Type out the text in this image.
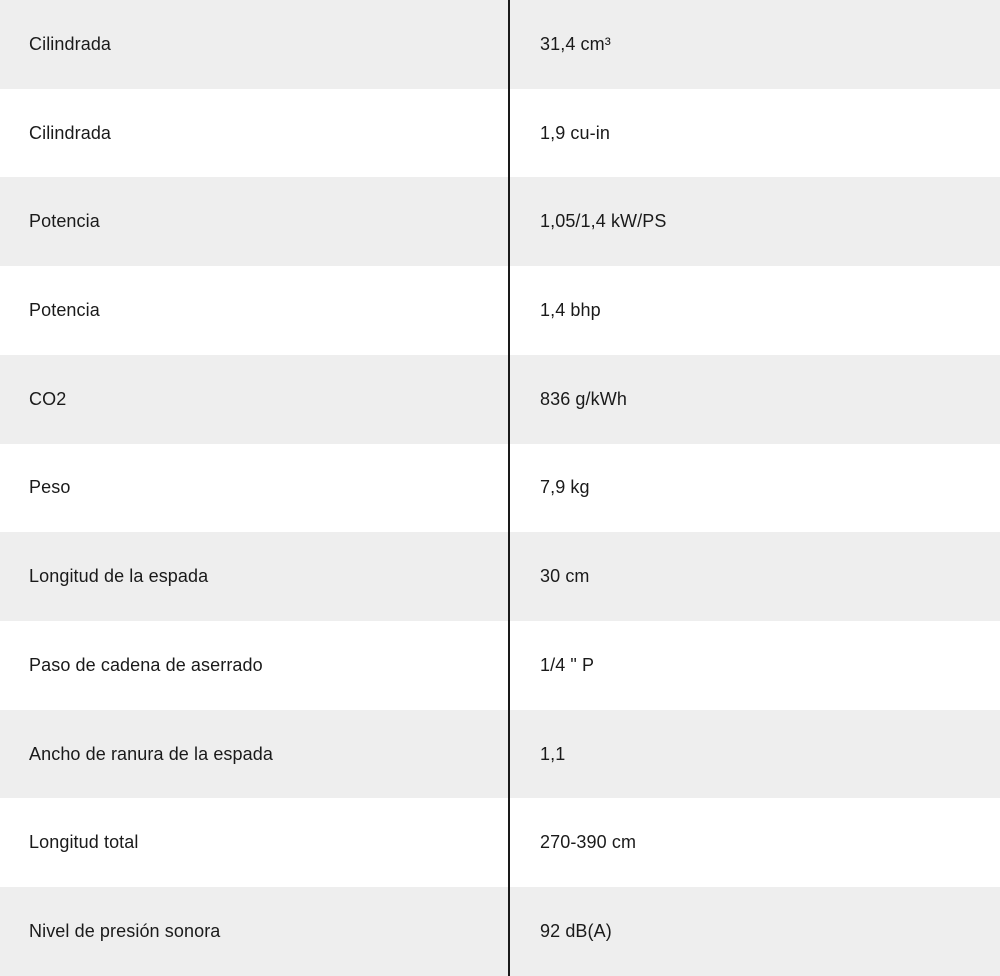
Cilindrada	31,4 cm³
Cilindrada	1,9 cu-in
Potencia	1,05/1,4 kW/PS
Potencia	1,4 bhp
CO2	836 g/kWh
Peso	7,9 kg
Longitud de la espada	30 cm
Paso de cadena de aserrado	1/4 " P
Ancho de ranura de la espada	1,1
Longitud total	270-390 cm
Nivel de presión sonora	92 dB(A)
